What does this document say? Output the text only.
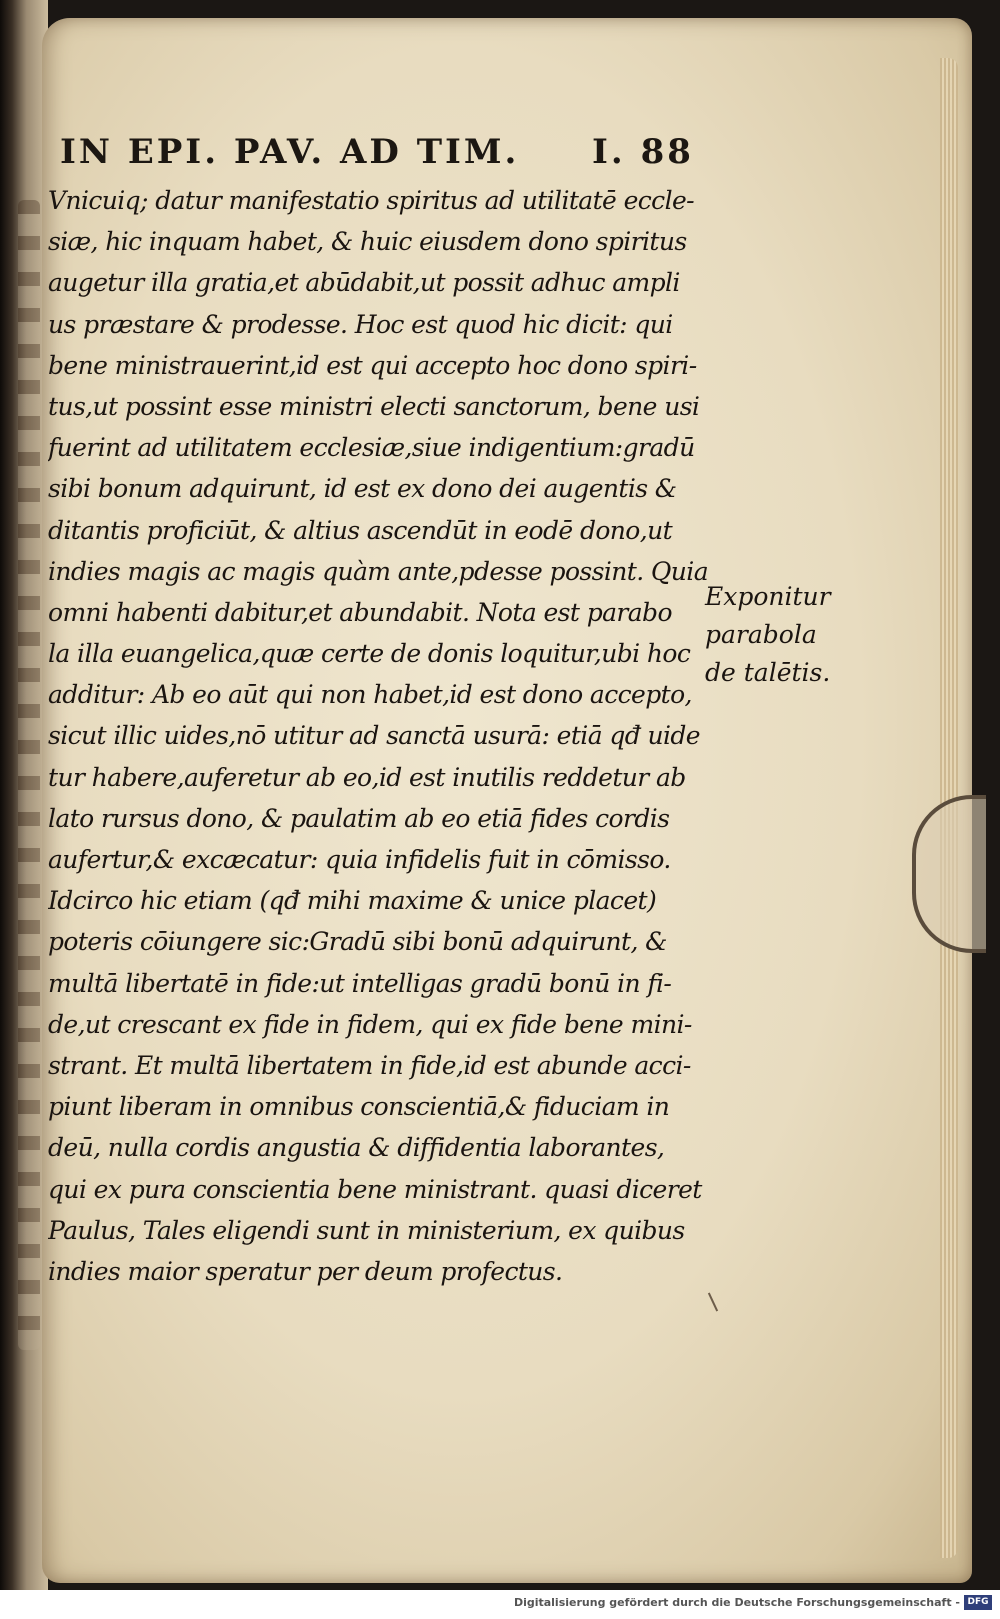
IN EPI. PAV. AD TIM. I. 88
Vnicuiq; datur manifestatio spiritus ad utilitatē eccle-
siæ, hic inquam habet, & huic eiusdem dono spiritus
augetur illa gratia,et abūdabit,ut possit adhuc ampli
us præstare & prodesse. Hoc est quod hic dicit: qui
bene ministrauerint,id est qui accepto hoc dono spiri-
tus,ut possint esse ministri electi sanctorum, bene usi
fuerint ad utilitatem ecclesiæ,siue indigentium:gradū
sibi bonum adquirunt, id est ex dono dei augentis &
ditantis proficiūt, & altius ascendūt in eodē dono,ut
indies magis ac magis quàm ante,pdesse possint. Quia
omni habenti dabitur,et abundabit. Nota est parabo
la illa euangelica,quæ certe de donis loquitur,ubi hoc
additur: Ab eo aūt qui non habet,id est dono accepto,
sicut illic uides,nō utitur ad sanctā usurā: etiā qđ uide
tur habere,auferetur ab eo,id est inutilis reddetur ab
lato rursus dono, & paulatim ab eo etiā fides cordis
aufertur,& excæcatur: quia infidelis fuit in cōmisso.
Idcirco hic etiam (qđ mihi maxime & unice placet)
poteris cōiungere sic:Gradū sibi bonū adquirunt, &
multā libertatē in fide:ut intelligas gradū bonū in fi-
de,ut crescant ex fide in fidem, qui ex fide bene mini-
strant. Et multā libertatem in fide,id est abunde acci-
piunt liberam in omnibus conscientiā,& fiduciam in
deū, nulla cordis angustia & diffidentia laborantes,
qui ex pura conscientia bene ministrant. quasi diceret
Paulus, Tales eligendi sunt in ministerium, ex quibus
indies maior speratur per deum profectus.
Exponitur
parabola
de talētis.
Digitalisierung gefördert durch die Deutsche Forschungsgemeinschaft - DFG
